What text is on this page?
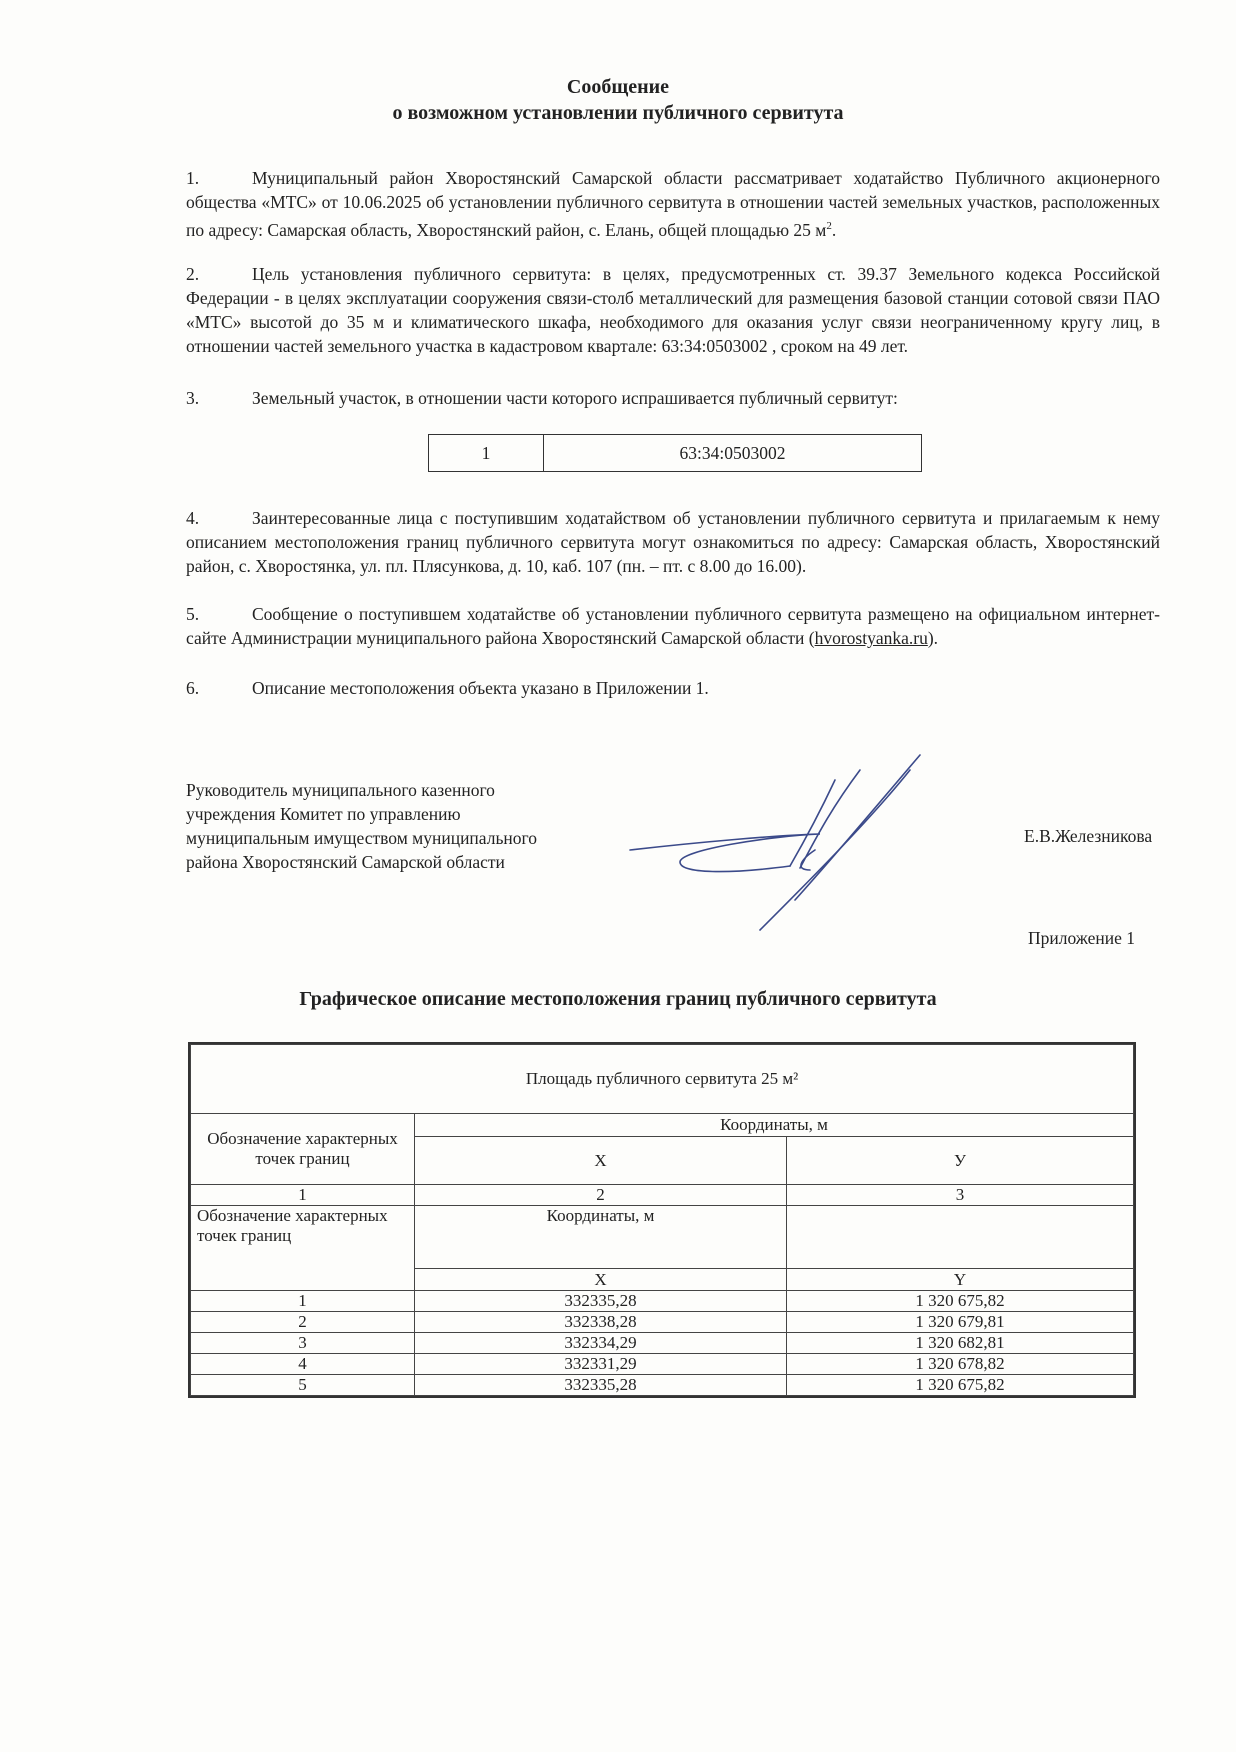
Сообщение
о возможном установлении публичного сервитута
1.	Муниципальный район Хворостянский Самарской области рассматривает ходатайство Публичного акционерного общества «МТС» от 10.06.2025 об установлении публичного сервитута в отношении частей земельных участков, расположенных по адресу: Самарская область, Хворостянский район, с. Елань, общей площадью 25 $м^2$.
2.	Цель установления публичного сервитута: в целях, предусмотренных ст. 39.37 Земельного кодекса Российской Федерации - в целях эксплуатации сооружения связи-столб металлический для размещения базовой станции сотовой связи ПАО «МТС» высотой до 35 м и климатического шкафа, необходимого для оказания услуг связи неограниченному кругу лиц, в отношении частей земельного участка в кадастровом квартале: 63:34:0503002 , сроком на 49 лет.
3.	Земельный участок, в отношении части которого испрашивается публичный сервитут:
1	63:34:0503002
4.	Заинтересованные лица с поступившим ходатайством об установлении публичного сервитута и прилагаемым к нему описанием местоположения границ публичного сервитута могут ознакомиться по адресу: Самарская область, Хворостянский район, с. Хворостянка, ул. пл. Плясункова, д. 10, каб. 107 (пн. – пт. с 8.00 до 16.00).
5.	Сообщение о поступившем ходатайстве об установлении публичного сервитута размещено на официальном интернет-сайте Администрации муниципального района Хворостянский Самарской области (hvorostyanka.ru).
6.	Описание местоположения объекта указано в Приложении 1.
Руководитель муниципального казенного
учреждения Комитет по управлению
муниципальным имуществом муниципального
района Хворостянский Самарской области
Е.В.Железникова
Приложение 1
Графическое описание местоположения границ публичного сервитута
Площадь публичного сервитута 25 м²		
Обозначение характерных точек границ	Координаты, м	
	Х	У
1	2	3
Обозначение характерных точек границ	Координаты, м	
	Х	Y
1	332335,28	1 320 675,82
2	332338,28	1 320 679,81
3	332334,29	1 320 682,81
4	332331,29	1 320 678,82
5	332335,28	1 320 675,82
